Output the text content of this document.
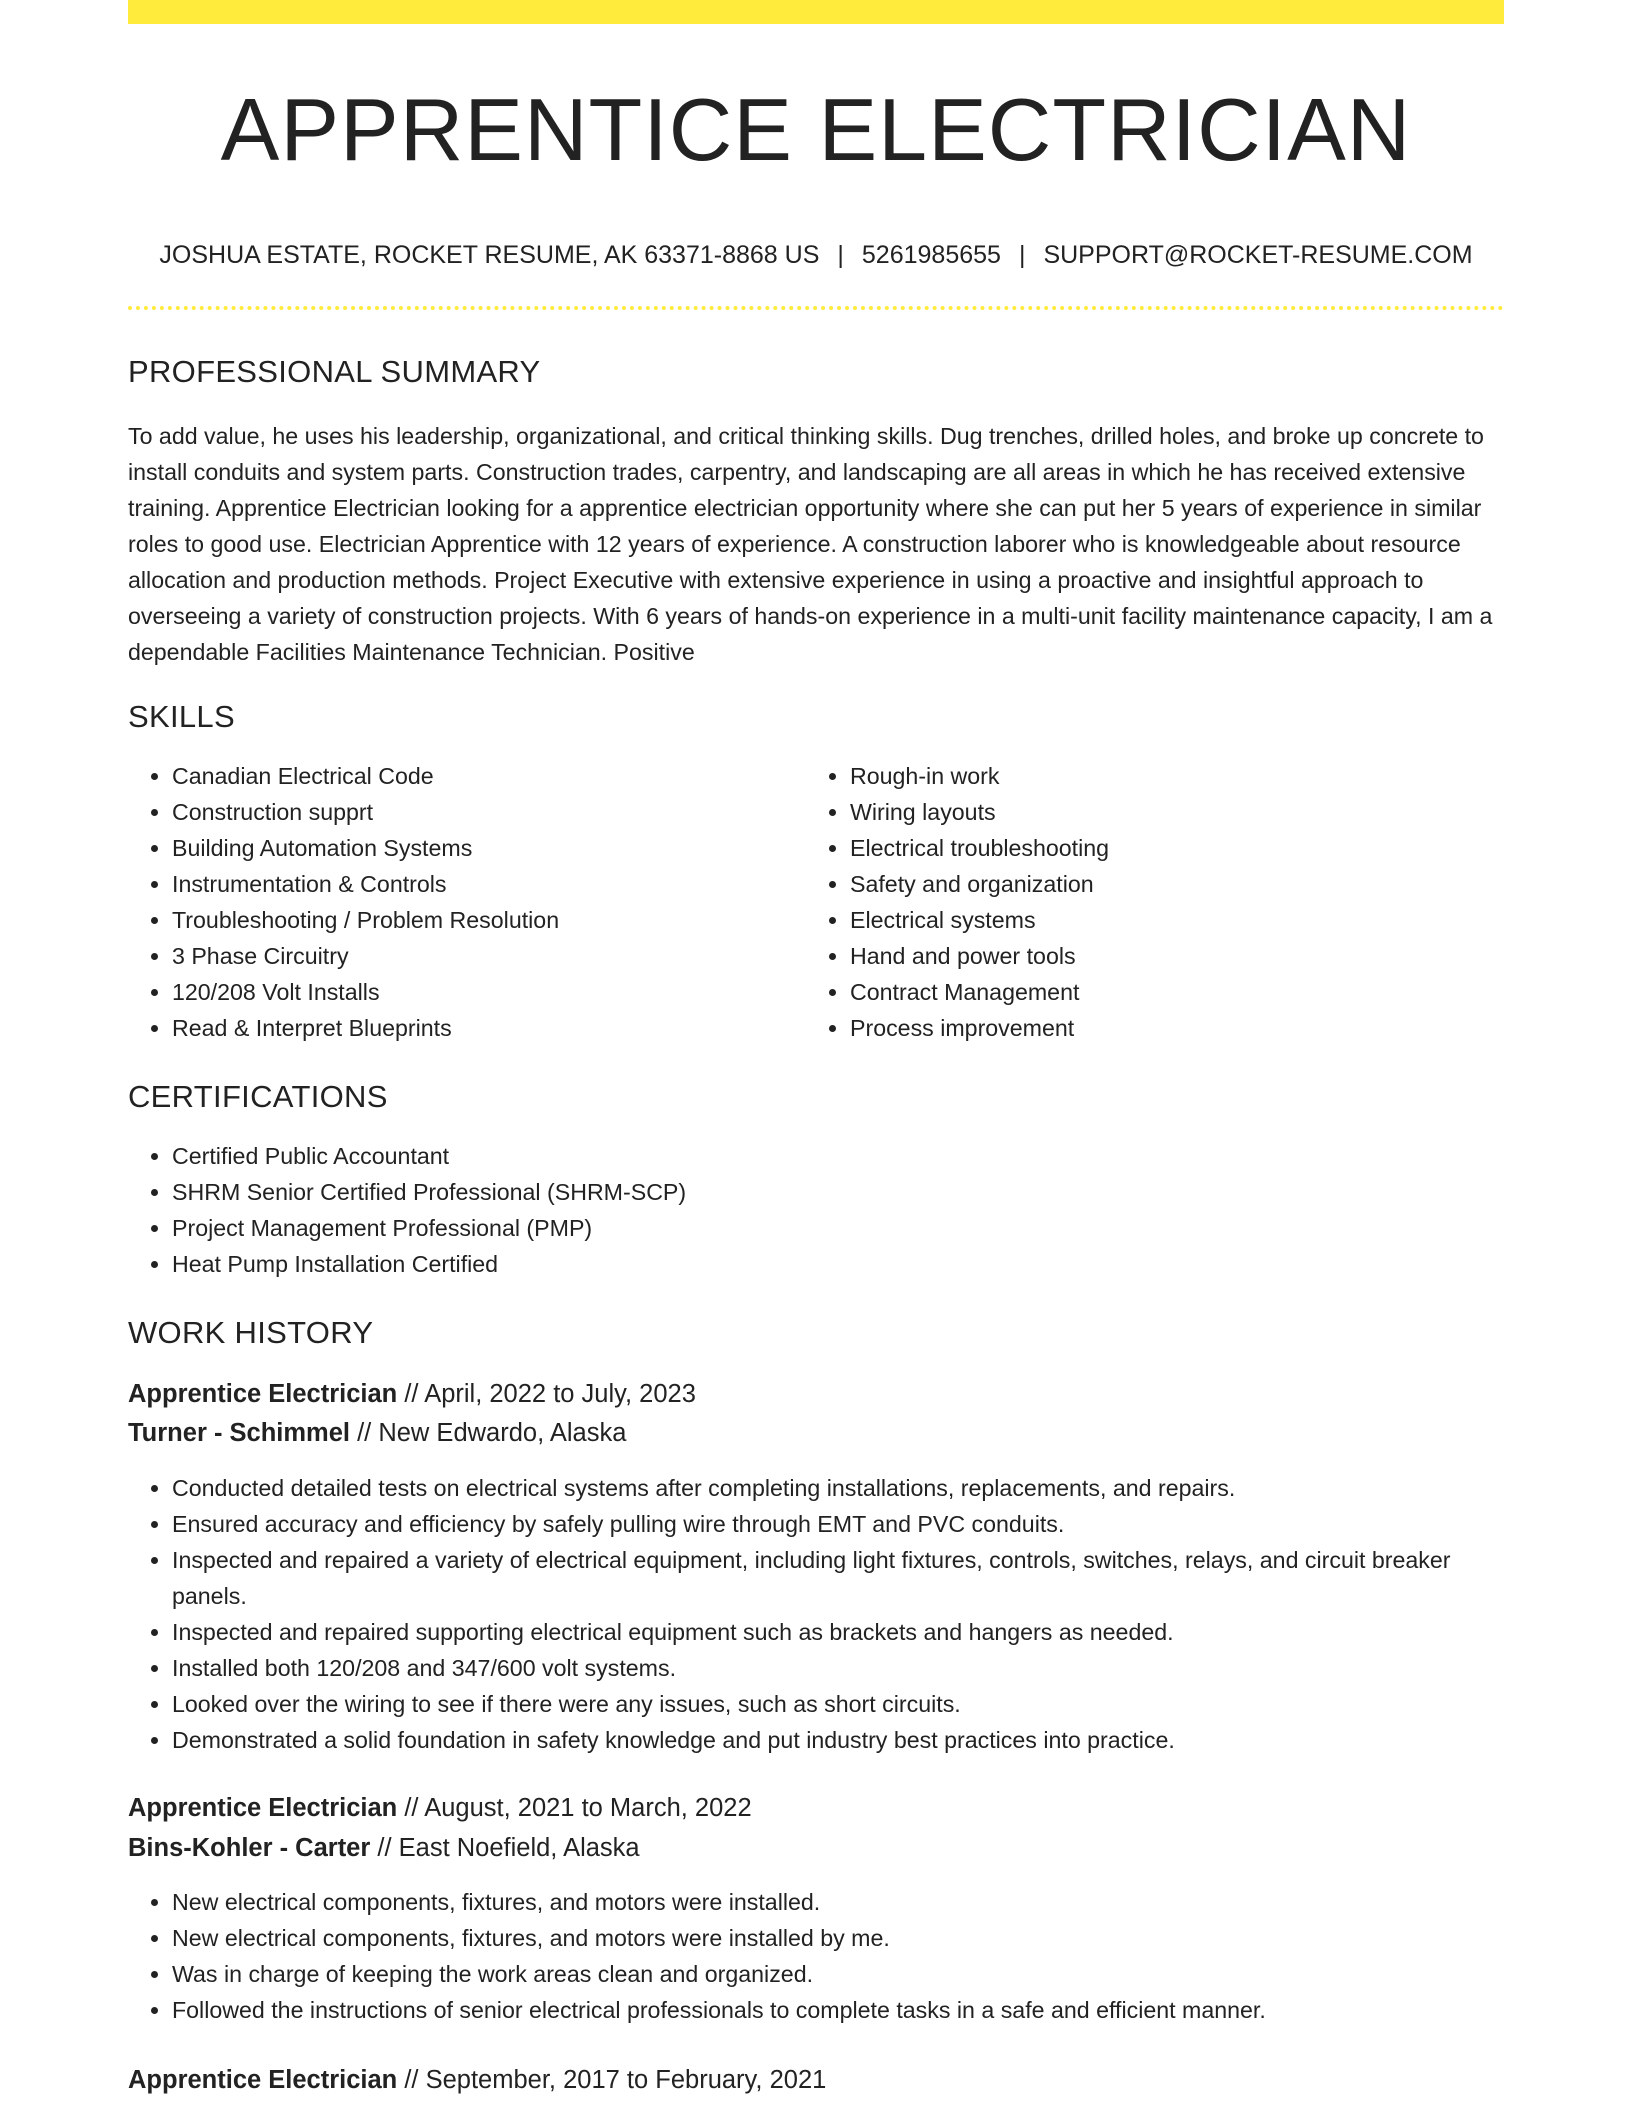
APPRENTICE ELECTRICIAN
JOSHUA ESTATE, ROCKET RESUME, AK 63371-8868 US | 5261985655 | SUPPORT@ROCKET-RESUME.COM
PROFESSIONAL SUMMARY

To add value, he uses his leadership, organizational, and critical thinking skills. Dug trenches, drilled holes, and broke up concrete to install conduits and system parts. Construction trades, carpentry, and landscaping are all areas in which he has received extensive training. Apprentice Electrician looking for a apprentice electrician opportunity where she can put her 5 years of experience in similar roles to good use. Electrician Apprentice with 12 years of experience. A construction laborer who is knowledgeable about resource allocation and production methods. Project Executive with extensive experience in using a proactive and insightful approach to overseeing a variety of construction projects. With 6 years of hands-on experience in a multi-unit facility maintenance capacity, I am a dependable Facilities Maintenance Technician. Positive

SKILLS
• Canadian Electrical Code
• Construction supprt
• Building Automation Systems
• Instrumentation & Controls
• Troubleshooting / Problem Resolution
• 3 Phase Circuitry
• 120/208 Volt Installs
• Read & Interpret Blueprints
• Rough-in work
• Wiring layouts
• Electrical troubleshooting
• Safety and organization
• Electrical systems
• Hand and power tools
• Contract Management
• Process improvement
CERTIFICATIONS
• Certified Public Accountant
• SHRM Senior Certified Professional (SHRM-SCP)
• Project Management Professional (PMP)
• Heat Pump Installation Certified
WORK HISTORY
Apprentice Electrician // April, 2022 to July, 2023
Turner - Schimmel // New Edwardo, Alaska
• Conducted detailed tests on electrical systems after completing installations, replacements, and repairs.
• Ensured accuracy and efficiency by safely pulling wire through EMT and PVC conduits.
• Inspected and repaired a variety of electrical equipment, including light fixtures, controls, switches, relays, and circuit breaker panels.
• Inspected and repaired supporting electrical equipment such as brackets and hangers as needed.
• Installed both 120/208 and 347/600 volt systems.
• Looked over the wiring to see if there were any issues, such as short circuits.
• Demonstrated a solid foundation in safety knowledge and put industry best practices into practice.
Apprentice Electrician // August, 2021 to March, 2022
Bins-Kohler - Carter // East Noefield, Alaska
• New electrical components, fixtures, and motors were installed.
• New electrical components, fixtures, and motors were installed by me.
• Was in charge of keeping the work areas clean and organized.
• Followed the instructions of senior electrical professionals to complete tasks in a safe and efficient manner.
Apprentice Electrician // September, 2017 to February, 2021
